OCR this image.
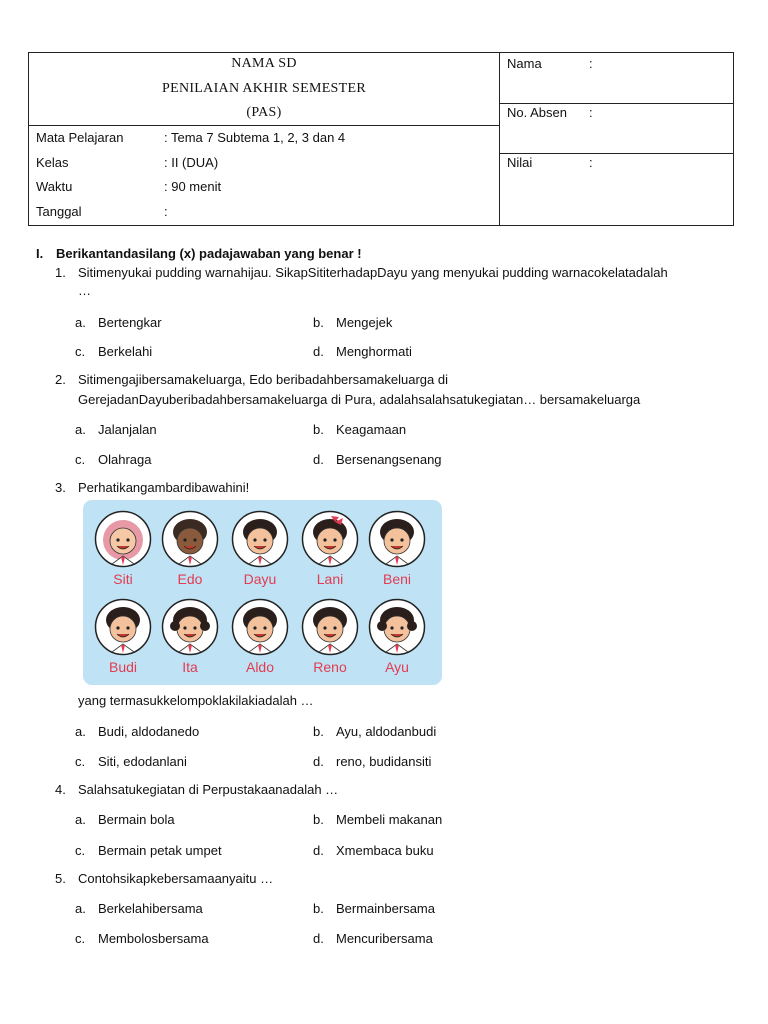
NAMA SD
PENILAIAN AKHIR SEMESTER
(PAS)
Mata Pelajaran	: Tema 7 Subtema 1, 2, 3 dan 4
Kelas	: II (DUA)
Waktu	: 90 menit
Tanggal	:
Nama	:
No. Absen :
Nilai	:
I. Berikantandasilang (x) padajawaban yang benar !
1. Sitimenyukai pudding warnahijau. SikapSititerhadapDayu yang menyukai pudding warnacokelatadalah
…
a. Bertengkar	b. Mengejek
c. Berkelahi	d. Menghormati
2. Sitimengajibersamakeluarga, Edo beribadahbersamakeluarga di
GerejadanDayuberibadahbersamakeluarga di Pura, adalahsalahsatukegiatan… bersamakeluarga
a. Jalanjalan	b. Keagamaan
c. Olahraga	d. Bersenangsenang
3. Perhatikangambardibawahini!
Siti	Edo	Dayu	Lani	Beni
Budi	Ita	Aldo	Reno	Ayu
yang termasukkelompoklakilakiadalah …
a. Budi, aldodanedo	b. Ayu, aldodanbudi
c. Siti, edodanlani	d. reno, budidansiti
4. Salahsatukegiatan di Perpustakaanadalah …
a. Bermain bola	b. Membeli makanan
c. Bermain petak umpet	d. Xmembaca buku
5. Contohsikapkebersamaanyaitu …
a. Berkelahibersama	b. Bermainbersama
c. Membolosbersama	d. Mencuribersama
